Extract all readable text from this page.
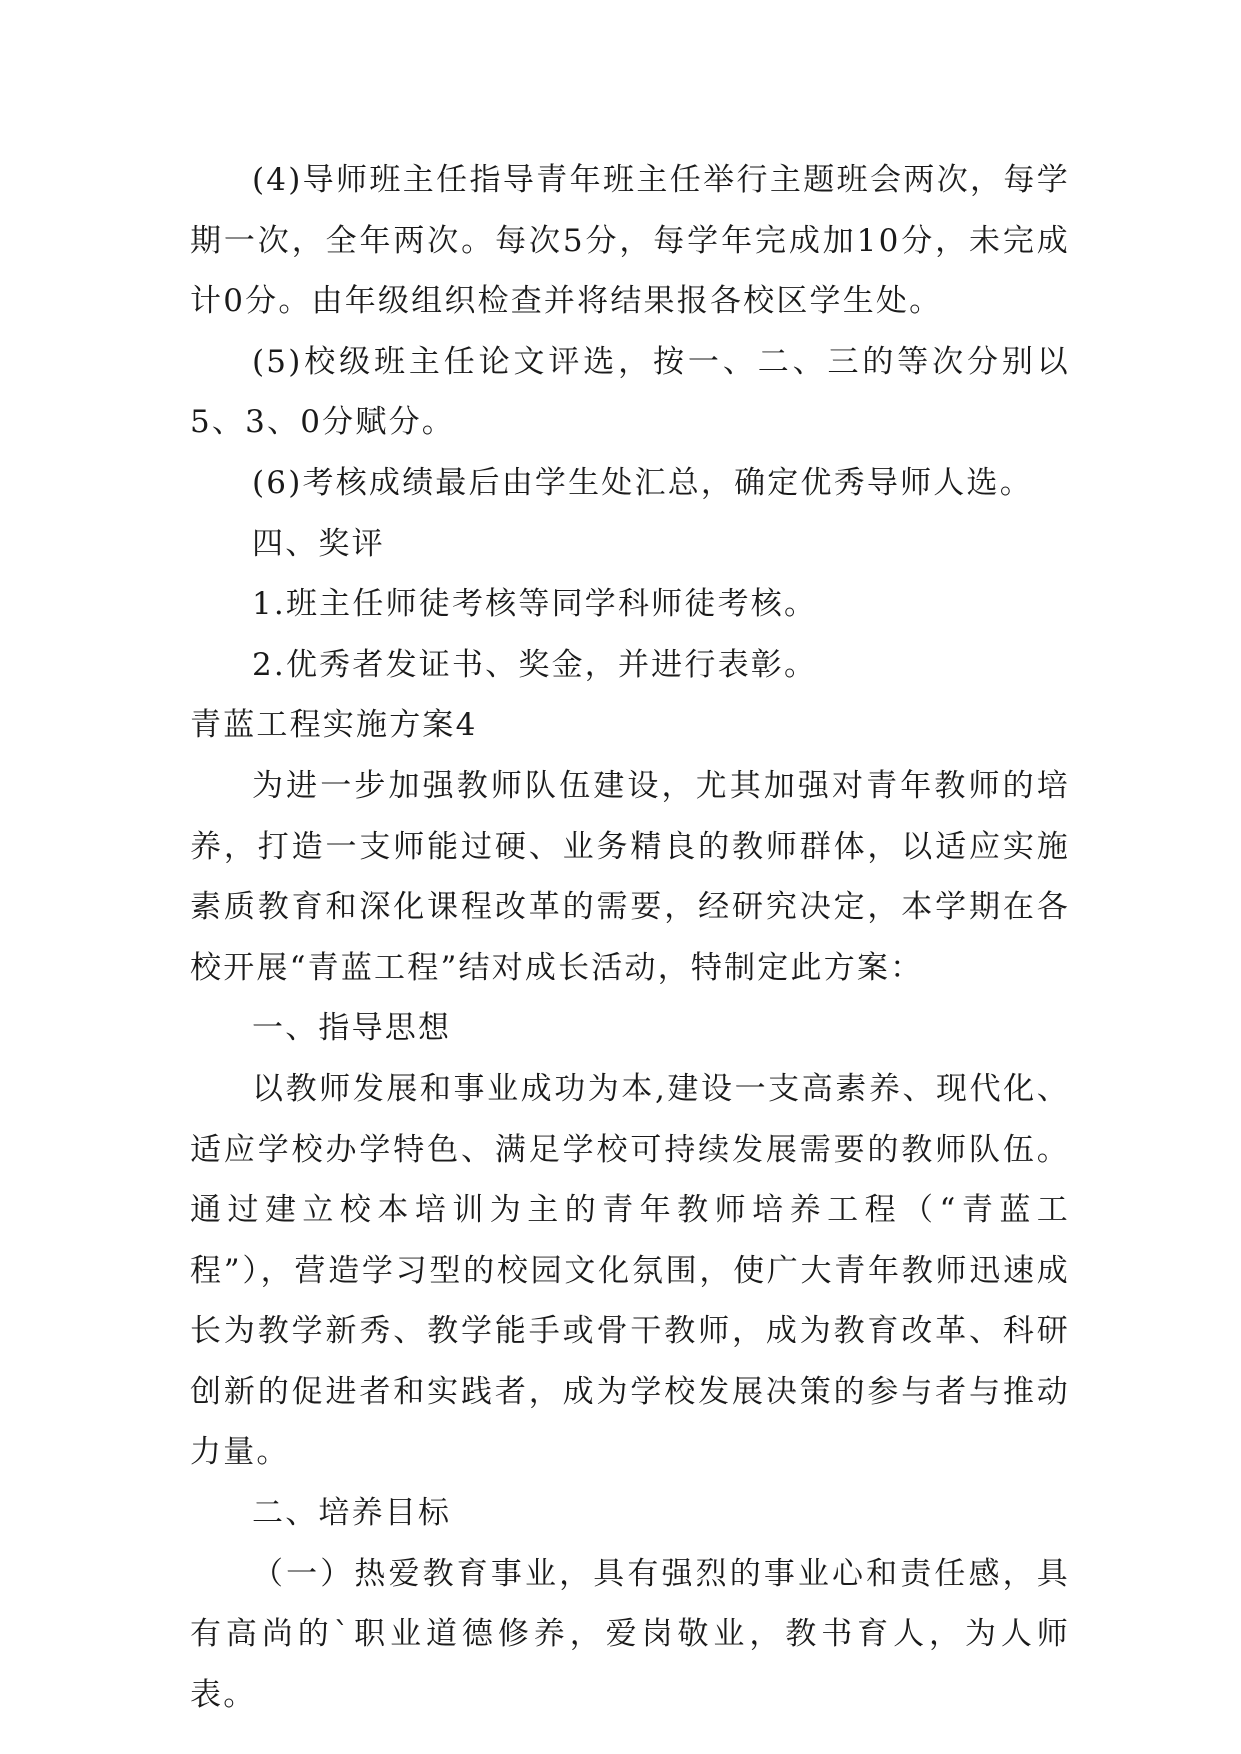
(4)导师班主任指导青年班主任举行主题班会两次，每学期一次，全年两次。每次5分，每学年完成加10分，未完成计0分。由年级组织检查并将结果报各校区学生处。

(5)校级班主任论文评选，按一、二、三的等次分别以5、3、0分赋分。

(6)考核成绩最后由学生处汇总，确定优秀导师人选。

四、奖评

1.班主任师徒考核等同学科师徒考核。

2.优秀者发证书、奖金，并进行表彰。

青蓝工程实施方案4

为进一步加强教师队伍建设，尤其加强对青年教师的培养，打造一支师能过硬、业务精良的教师群体，以适应实施素质教育和深化课程改革的需要，经研究决定，本学期在各校开展“青蓝工程”结对成长活动，特制定此方案：

一、指导思想

以教师发展和事业成功为本,建设一支高素养、现代化、适应学校办学特色、满足学校可持续发展需要的教师队伍。通过建立校本培训为主的青年教师培养工程（“青蓝工程”），营造学习型的校园文化氛围，使广大青年教师迅速成长为教学新秀、教学能手或骨干教师，成为教育改革、科研创新的促进者和实践者，成为学校发展决策的参与者与推动力量。

二、培养目标

（一）热爱教育事业，具有强烈的事业心和责任感，具有高尚的`职业道德修养，爱岗敬业，教书育人，为人师表。
